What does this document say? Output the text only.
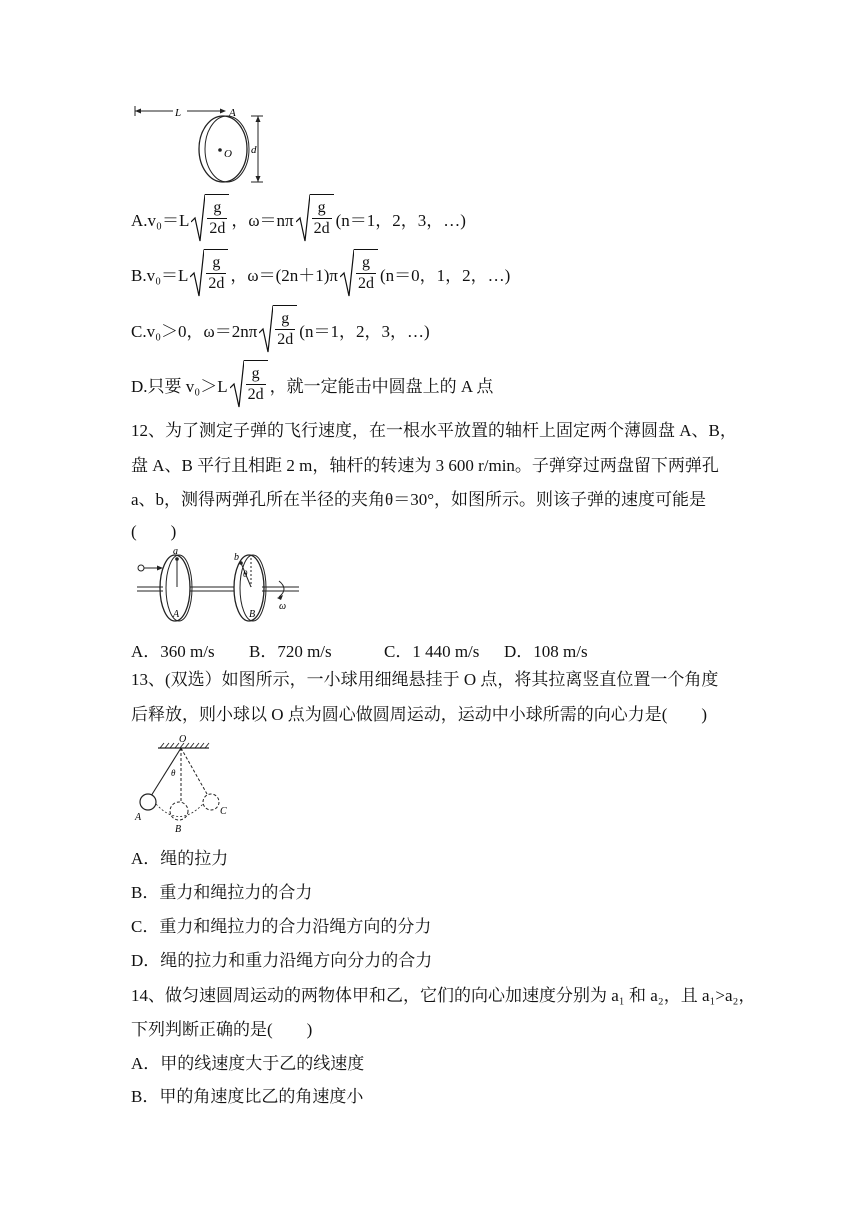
L	A
O d
$A.v_0=L \frac{g}{2d}$ ，$\omega=n\pi \frac{g}{2d} (n=1$，2，3，…)
$B.v_0=L \frac{g}{2d}$ ，$\omega=(2n+1)\pi \frac{g}{2d} (n=0$，1，2，…)
C.v₀＞0，$\omega=2n\pi \frac{g}{2d} (n=1$，2，3，…)
D.只要 $v_0>L \frac{g}{2d}$ ，就一定能击中圆盘上的 A 点
12、为了测定子弹的飞行速度，在一根水平放置的轴杆上固定两个薄圆盘 A、B，
盘 A、B 平行且相距 2 m，轴杆的转速为 3 600 r/min。子弹穿过两盘留下两弹孔
a、b，测得两弹孔所在半径的夹角θ＝30°，如图所示。则该子弹的速度可能是
(　　)
a
A
b
θ
B
ω
A．360 m/s B．720 m/s	C．1 440 m/s D．108 m/s
13、(双选）如图所示，一小球用细绳悬挂于 O 点，将其拉离竖直位置一个角度
后释放，则小球以 O 点为圆心做圆周运动，运动中小球所需的向心力是(　　)
O
θ
A
B
C
A．绳的拉力
B．重力和绳拉力的合力
C．重力和绳拉力的合力沿绳方向的分力
D．绳的拉力和重力沿绳方向分力的合力
14、做匀速圆周运动的两物体甲和乙，它们的向心加速度分别为 a₁ 和 a₂，且 a₁>a₂，
下列判断正确的是(　　)
A．甲的线速度大于乙的线速度
B．甲的角速度比乙的角速度小
